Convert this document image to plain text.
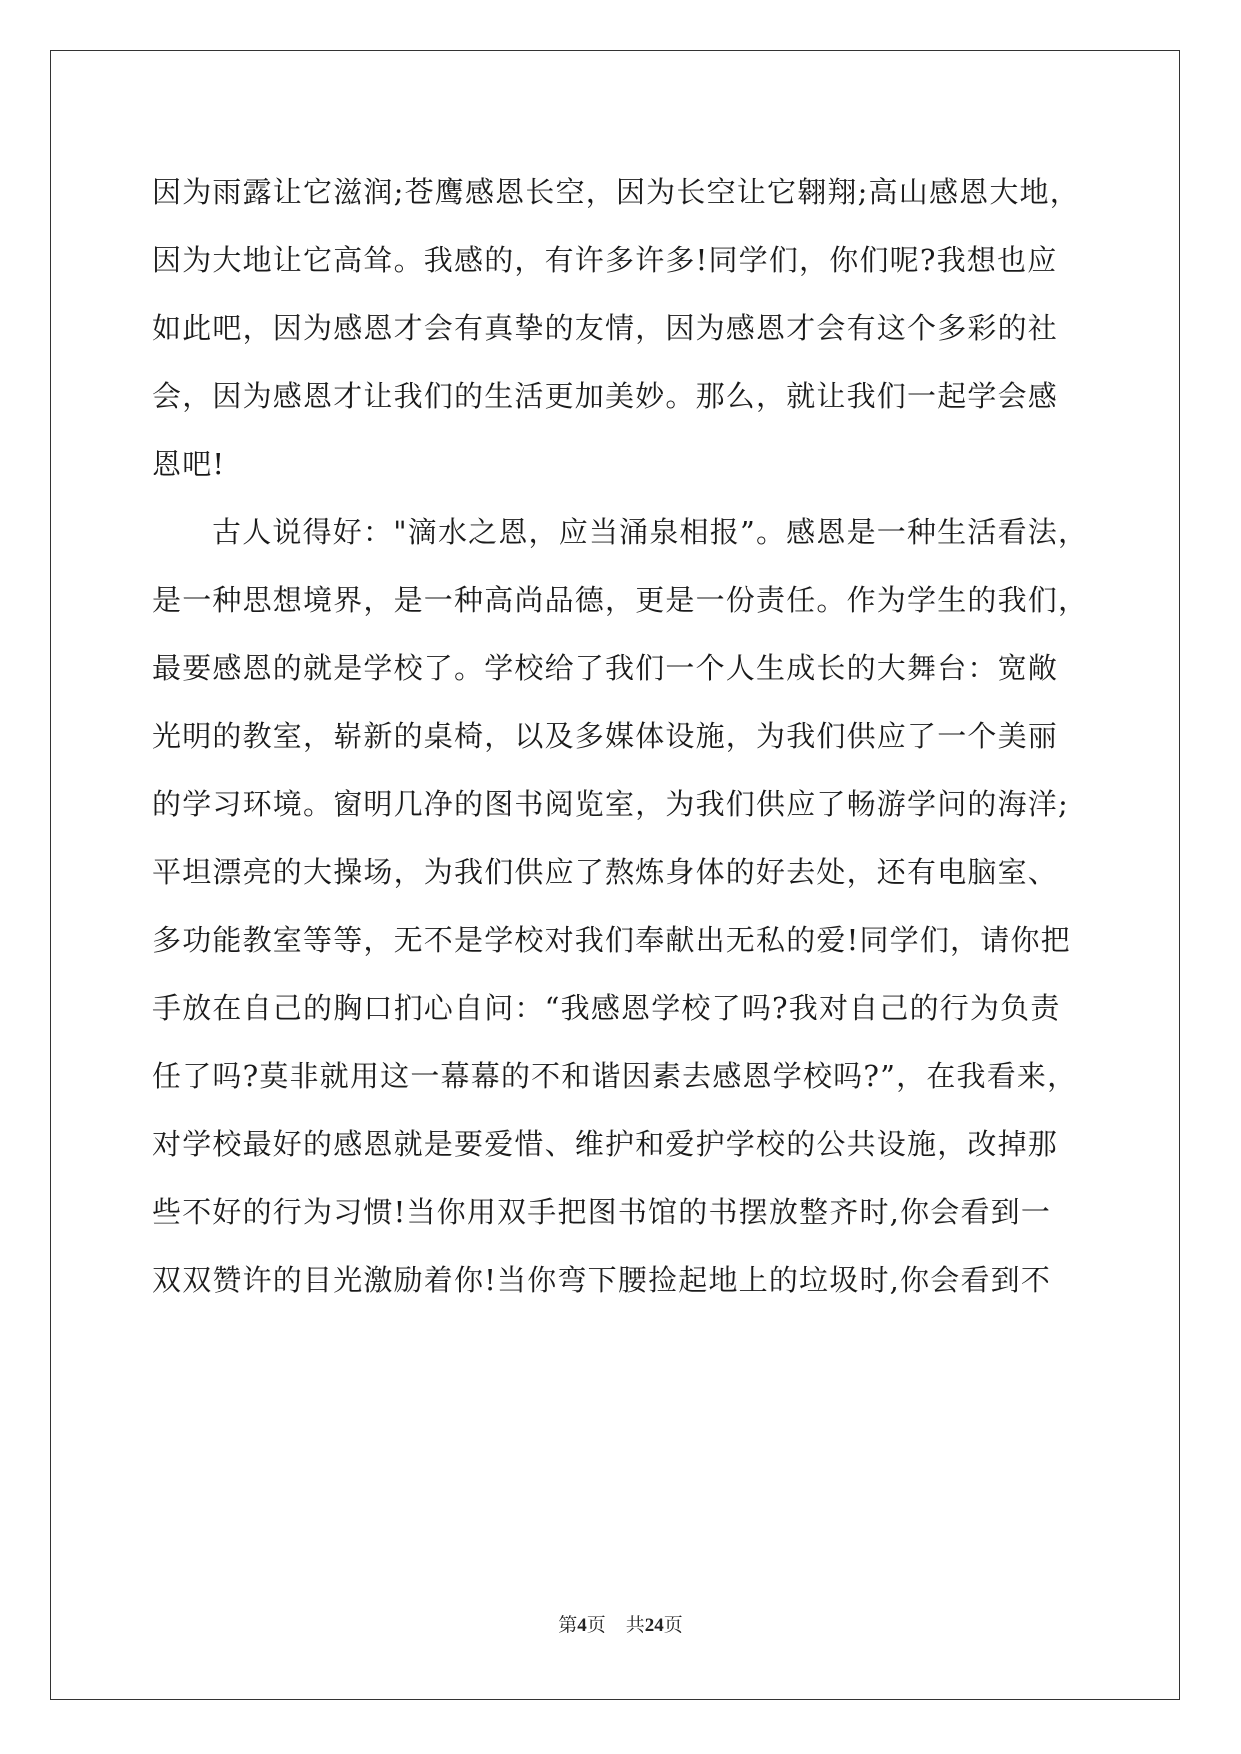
因为雨露让它滋润;苍鹰感恩长空，因为长空让它翱翔;高山感恩大地，
因为大地让它高耸。我感的，有许多许多!同学们，你们呢?我想也应
如此吧，因为感恩才会有真挚的友情，因为感恩才会有这个多彩的社
会，因为感恩才让我们的生活更加美妙。那么，就让我们一起学会感
恩吧!
古人说得好："滴水之恩，应当涌泉相报”。感恩是一种生活看法，
是一种思想境界，是一种高尚品德，更是一份责任。作为学生的我们，
最要感恩的就是学校了。学校给了我们一个人生成长的大舞台：宽敞
光明的教室，崭新的桌椅，以及多媒体设施，为我们供应了一个美丽
的学习环境。窗明几净的图书阅览室，为我们供应了畅游学问的海洋;
平坦漂亮的大操场，为我们供应了熬炼身体的好去处，还有电脑室、
多功能教室等等，无不是学校对我们奉献出无私的爱!同学们，请你把
手放在自己的胸口扪心自问：“我感恩学校了吗?我对自己的行为负责
任了吗?莫非就用这一幕幕的不和谐因素去感恩学校吗?”，在我看来，
对学校最好的感恩就是要爱惜、维护和爱护学校的公共设施，改掉那
些不好的行为习惯!当你用双手把图书馆的书摆放整齐时,你会看到一
双双赞许的目光激励着你!当你弯下腰捡起地上的垃圾时,你会看到不
第4页 共24页
